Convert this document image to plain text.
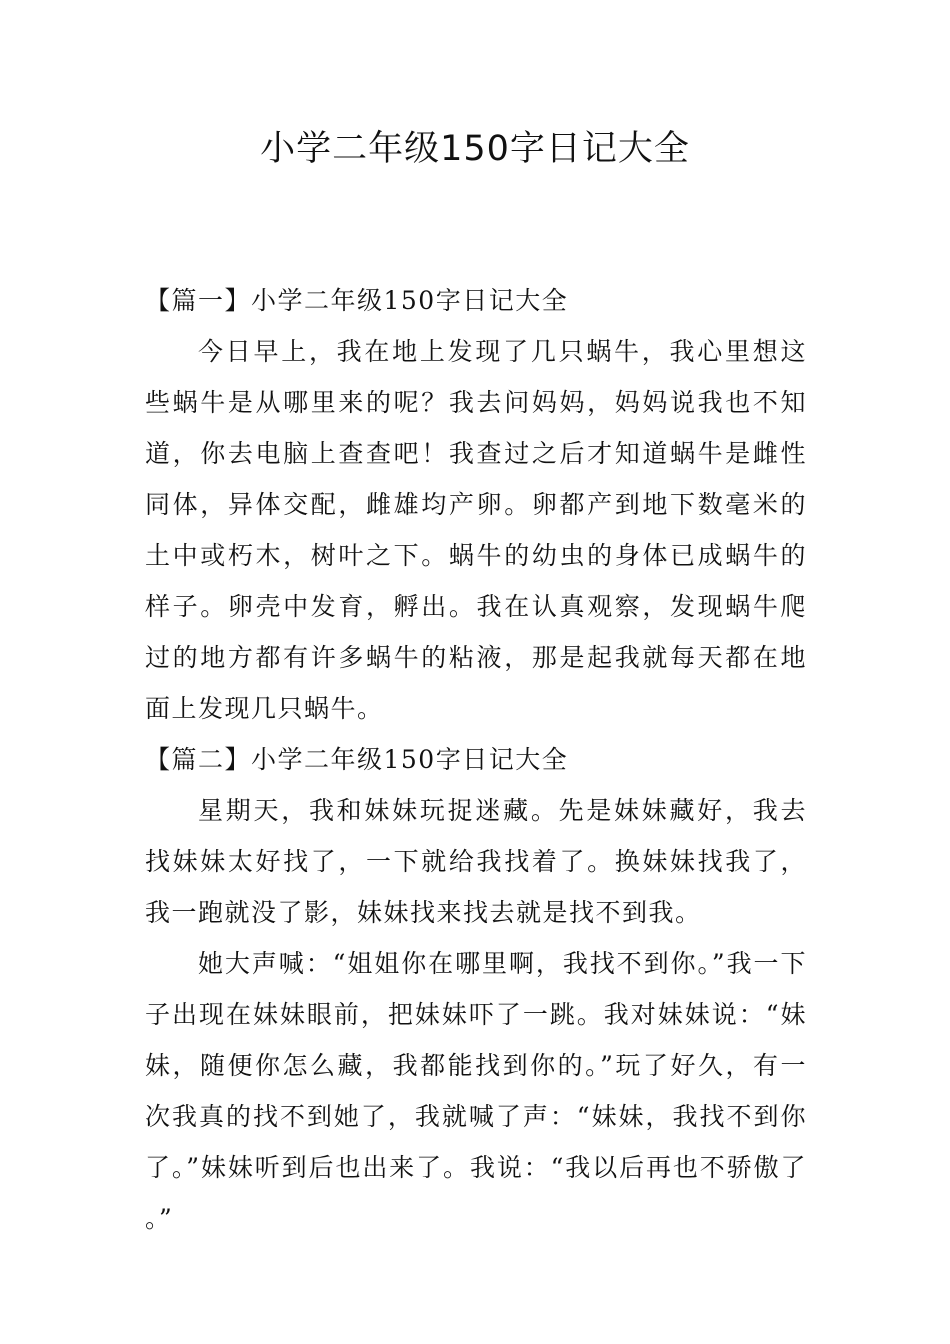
小学二年级150字日记大全
【篇一】小学二年级150字日记大全

今日早上，我在地上发现了几只蜗牛，我心里想这些蜗牛是从哪里来的呢？我去问妈妈，妈妈说我也不知道，你去电脑上查查吧！我查过之后才知道蜗牛是雌性同体，异体交配，雌雄均产卵。卵都产到地下数毫米的土中或朽木，树叶之下。蜗牛的幼虫的身体已成蜗牛的样子。卵壳中发育，孵出。我在认真观察，发现蜗牛爬过的地方都有许多蜗牛的粘液，那是起我就每天都在地面上发现几只蜗牛。

【篇二】小学二年级150字日记大全

星期天，我和妹妹玩捉迷藏。先是妹妹藏好，我去找妹妹太好找了，一下就给我找着了。换妹妹找我了，我一跑就没了影，妹妹找来找去就是找不到我。

她大声喊：“姐姐你在哪里啊，我找不到你。”我一下子出现在妹妹眼前，把妹妹吓了一跳。我对妹妹说：“妹妹，随便你怎么藏，我都能找到你的。”玩了好久，有一次我真的找不到她了，我就喊了声：“妹妹，我找不到你了。”妹妹听到后也出来了。我说：“我以后再也不骄傲了。”
